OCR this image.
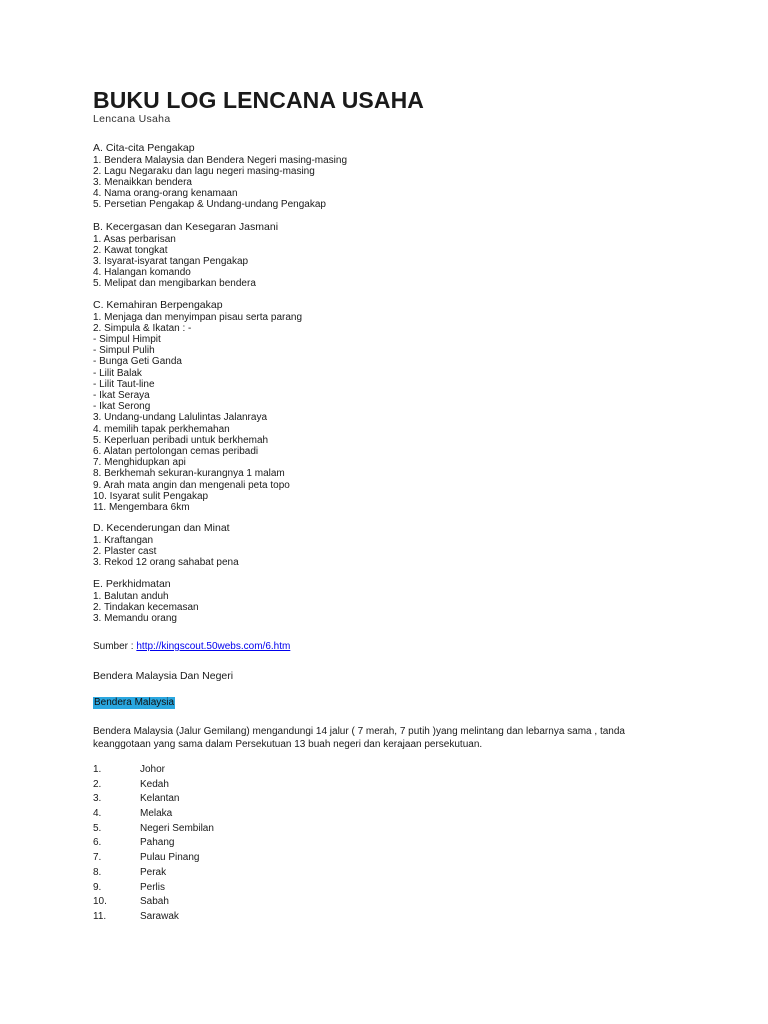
BUKU LOG LENCANA USAHA
Lencana Usaha
A. Cita-cita Pengakap
1. Bendera Malaysia dan Bendera Negeri masing-masing
2. Lagu Negaraku dan lagu negeri masing-masing
3. Menaikkan bendera
4. Nama orang-orang kenamaan
5. Persetian Pengakap & Undang-undang Pengakap
B. Kecergasan dan Kesegaran Jasmani
1. Asas perbarisan
2. Kawat tongkat
3. Isyarat-isyarat tangan Pengakap
4. Halangan komando
5. Melipat dan mengibarkan bendera
C. Kemahiran Berpengakap
1. Menjaga dan menyimpan pisau serta parang
2. Simpula & Ikatan : -
- Simpul Himpit
- Simpul Pulih
- Bunga Geti Ganda
- Lilit Balak
- Lilit Taut-line
- Ikat Seraya
- Ikat Serong
3. Undang-undang Lalulintas Jalanraya
4. memilih tapak perkhemahan
5. Keperluan peribadi untuk berkhemah
6. Alatan pertolongan cemas peribadi
7. Menghidupkan api
8. Berkhemah sekuran-kurangnya 1 malam
9. Arah mata angin dan mengenali peta topo
10. Isyarat sulit Pengakap
11. Mengembara 6km
D. Kecenderungan dan Minat
1. Kraftangan
2. Plaster cast
3. Rekod 12 orang sahabat pena
E. Perkhidmatan
1. Balutan anduh
2. Tindakan kecemasan
3. Memandu orang
Sumber : http://kingscout.50webs.com/6.htm
Bendera Malaysia Dan Negeri
Bendera Malaysia
Bendera Malaysia (Jalur Gemilang) mengandungi 14 jalur ( 7 merah, 7 putih )yang melintang dan lebarnya sama , tanda keanggotaan yang sama dalam Persekutuan 13 buah negeri dan kerajaan persekutuan.
1.	Johor
2.	Kedah
3.	Kelantan
4.	Melaka
5.	Negeri Sembilan
6.	Pahang
7.	Pulau Pinang
8.	Perak
9.	Perlis
10.	Sabah
11.	Sarawak
